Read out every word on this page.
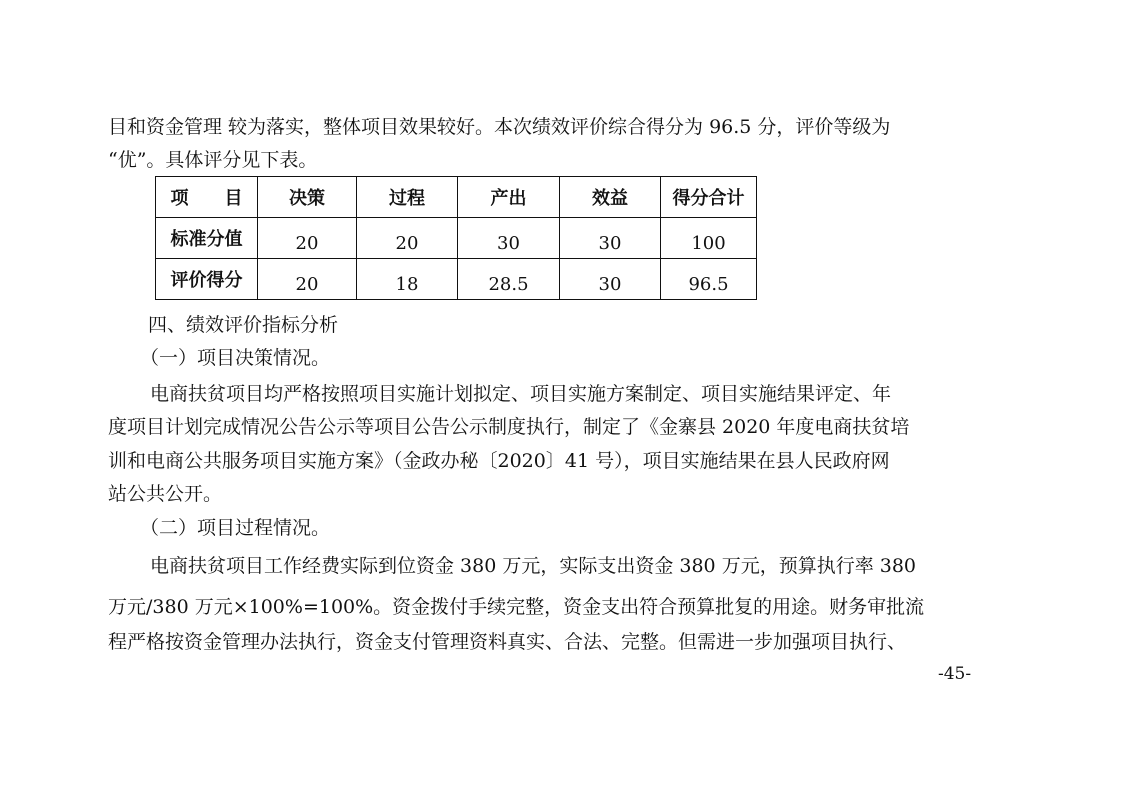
目和资金管理 较为落实，整体项目效果较好。本次绩效评价综合得分为 96.5 分，评价等级为

“优”。具体评分见下表。

项　　目	决策	过程	产出	效益	得分合计
标准分值	20	20	30	30	100
评价得分	20	18	28.5	30	96.5
四、绩效评价指标分析
（一）项目决策情况。

电商扶贫项目均严格按照项目实施计划拟定、项目实施方案制定、项目实施结果评定、年

度项目计划完成情况公告公示等项目公告公示制度执行，制定了《金寨县 2020 年度电商扶贫培

训和电商公共服务项目实施方案》（金政办秘〔2020〕41 号），项目实施结果在县人民政府网

站公共公开。

（二）项目过程情况。

电商扶贫项目工作经费实际到位资金 380 万元，实际支出资金 380 万元，预算执行率 380

万元/380 万元×100%=100%。资金拨付手续完整，资金支出符合预算批复的用途。财务审批流

程严格按资金管理办法执行，资金支付管理资料真实、合法、完整。但需进一步加强项目执行、

-45-
